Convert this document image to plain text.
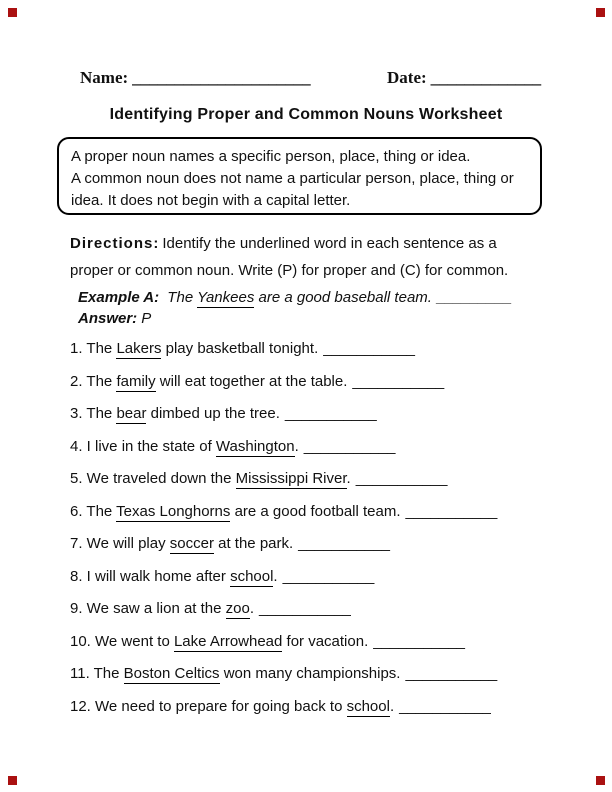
Name: _____________________	Date: _____________
Identifying Proper and Common Nouns Worksheet
A proper noun names a specific person, place, thing or idea.
A common noun does not name a particular person, place, thing or
idea. It does not begin with a capital letter.
Directions: Identify the underlined word in each sentence as a
proper or common noun. Write (P) for proper and (C) for common.
Example A: The Yankees are a good baseball team. _________
Answer: P
1. The Lakers play basketball tonight. ___________
2. The family will eat together at the table. ___________
3. The bear dimbed up the tree. ___________
4. I live in the state of Washington. ___________
5. We traveled down the Mississippi River. ___________
6. The Texas Longhorns are a good football team. ___________
7. We will play soccer at the park. ___________
8. I will walk home after school. ___________
9. We saw a lion at the zoo. ___________
10. We went to Lake Arrowhead for vacation. ___________
11. The Boston Celtics won many championships. ___________
12. We need to prepare for going back to school. ___________
